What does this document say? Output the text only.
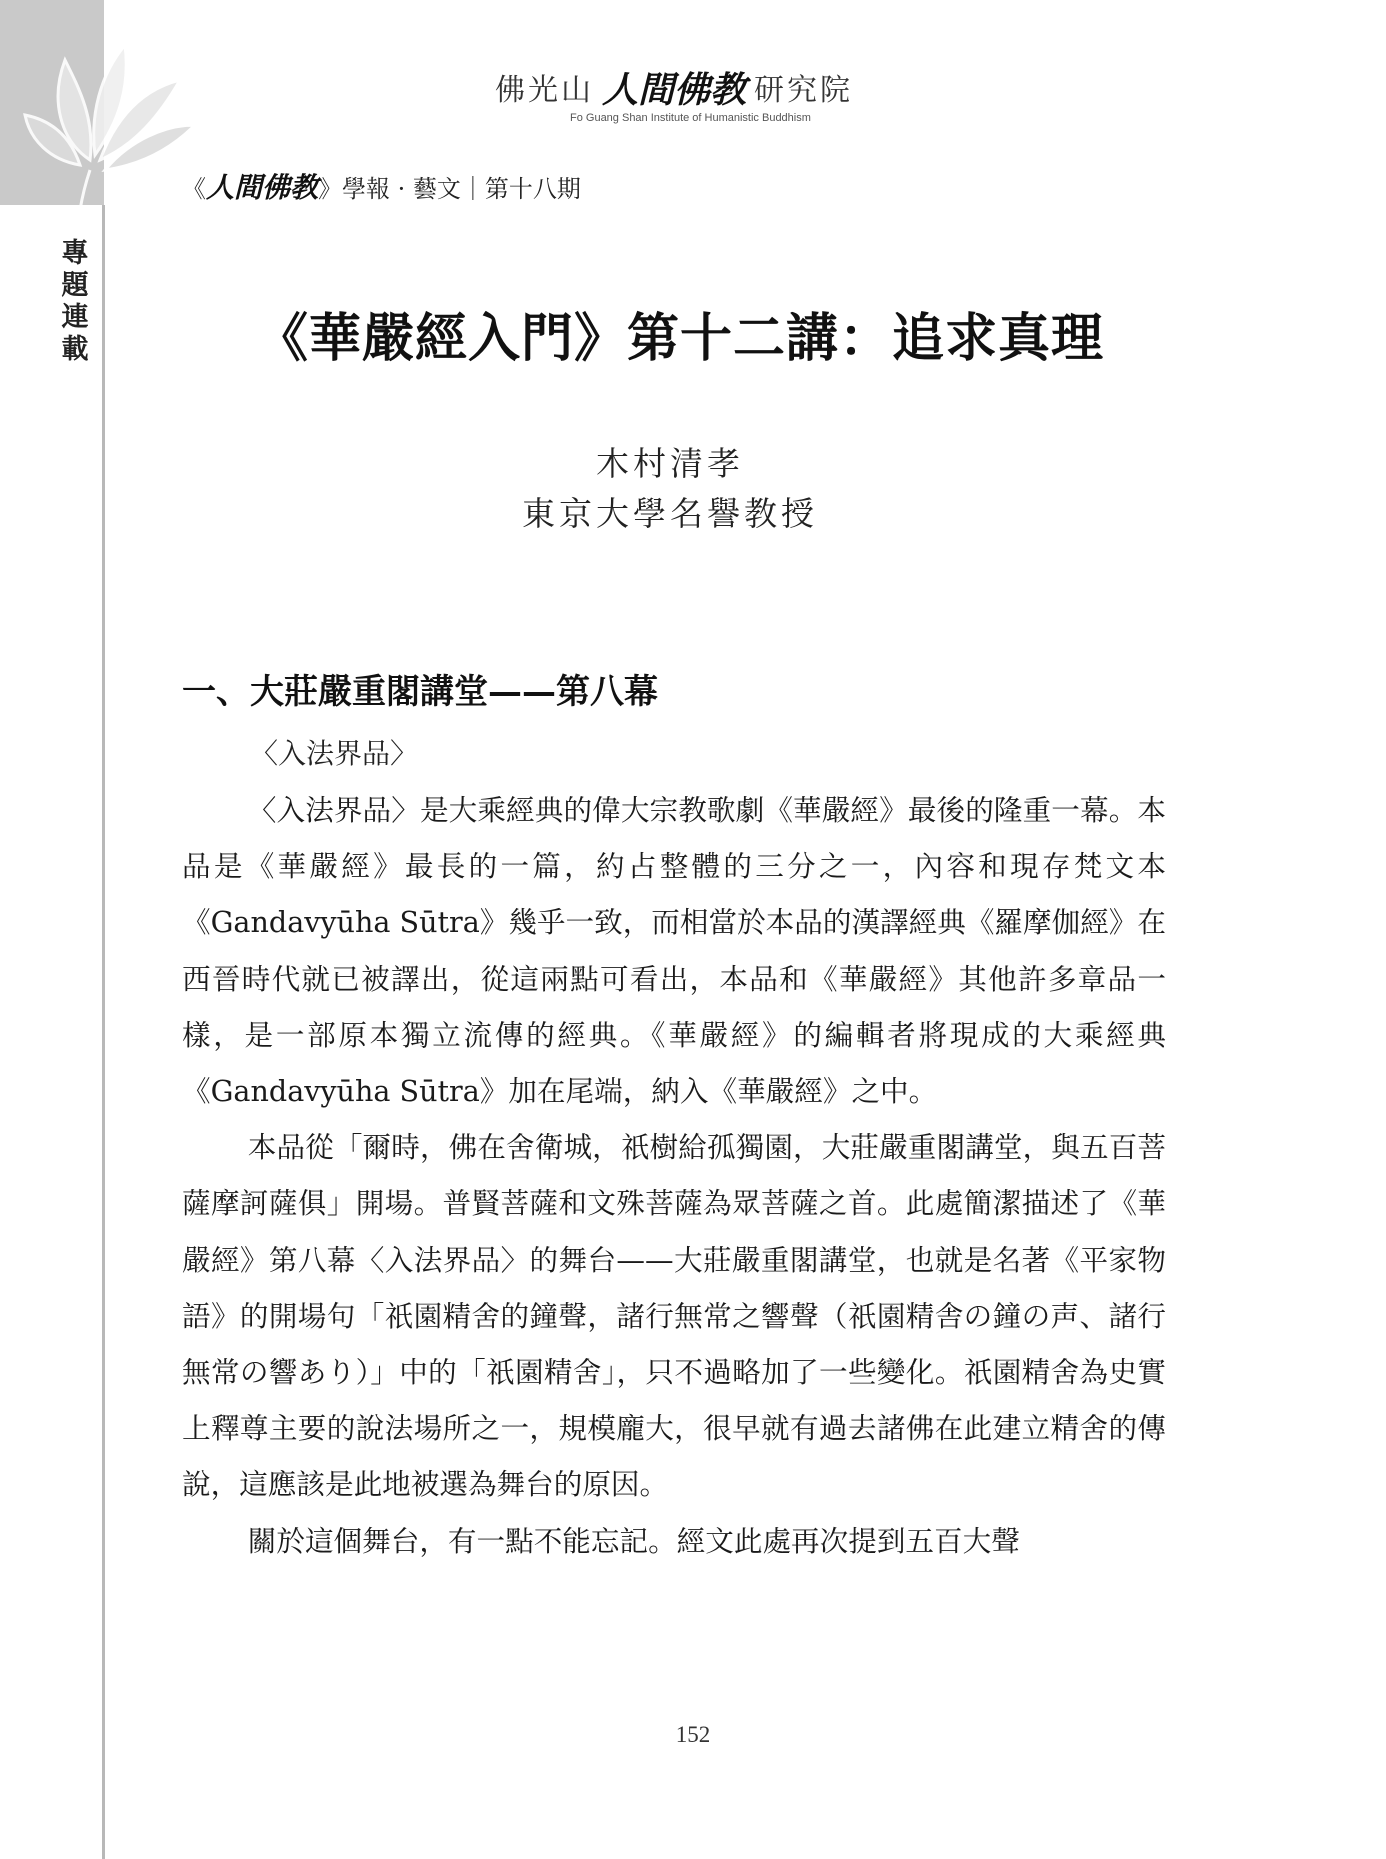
專
題
連
載
佛光山 人間佛教 研究院
Fo Guang Shan Institute of Humanistic Buddhism
《 人間佛教 》學報 · 藝文｜第十八期
《華嚴經入門》第十二講：追求真理
木村清孝
東京大學名譽教授
一、大莊嚴重閣講堂——第八幕
〈入法界品〉

〈入法界品〉是大乘經典的偉大宗教歌劇《華嚴經》最後的隆重一幕。本品是《華嚴經》最長的一篇，約占整體的三分之一，內容和現存梵文本《Gandavyūha Sūtra》幾乎一致，而相當於本品的漢譯經典《羅摩伽經》在西晉時代就已被譯出，從這兩點可看出，本品和《華嚴經》其他許多章品一樣，是一部原本獨立流傳的經典。《華嚴經》的編輯者將現成的大乘經典《Gandavyūha Sūtra》加在尾端，納入《華嚴經》之中。

本品從「爾時，佛在舍衛城，祇樹給孤獨園，大莊嚴重閣講堂，與五百菩薩摩訶薩俱」開場。普賢菩薩和文殊菩薩為眾菩薩之首。此處簡潔描述了《華嚴經》第八幕〈入法界品〉的舞台——大莊嚴重閣講堂，也就是名著《平家物語》的開場句「祇園精舍的鐘聲，諸行無常之響聲（祇園精舎の鐘の声、諸行無常の響あり）」中的「祇園精舍」，只不過略加了一些變化。祇園精舍為史實上釋尊主要的說法場所之一，規模龐大，很早就有過去諸佛在此建立精舍的傳說，這應該是此地被選為舞台的原因。

關於這個舞台，有一點不能忘記。經文此處再次提到五百大聲

152
